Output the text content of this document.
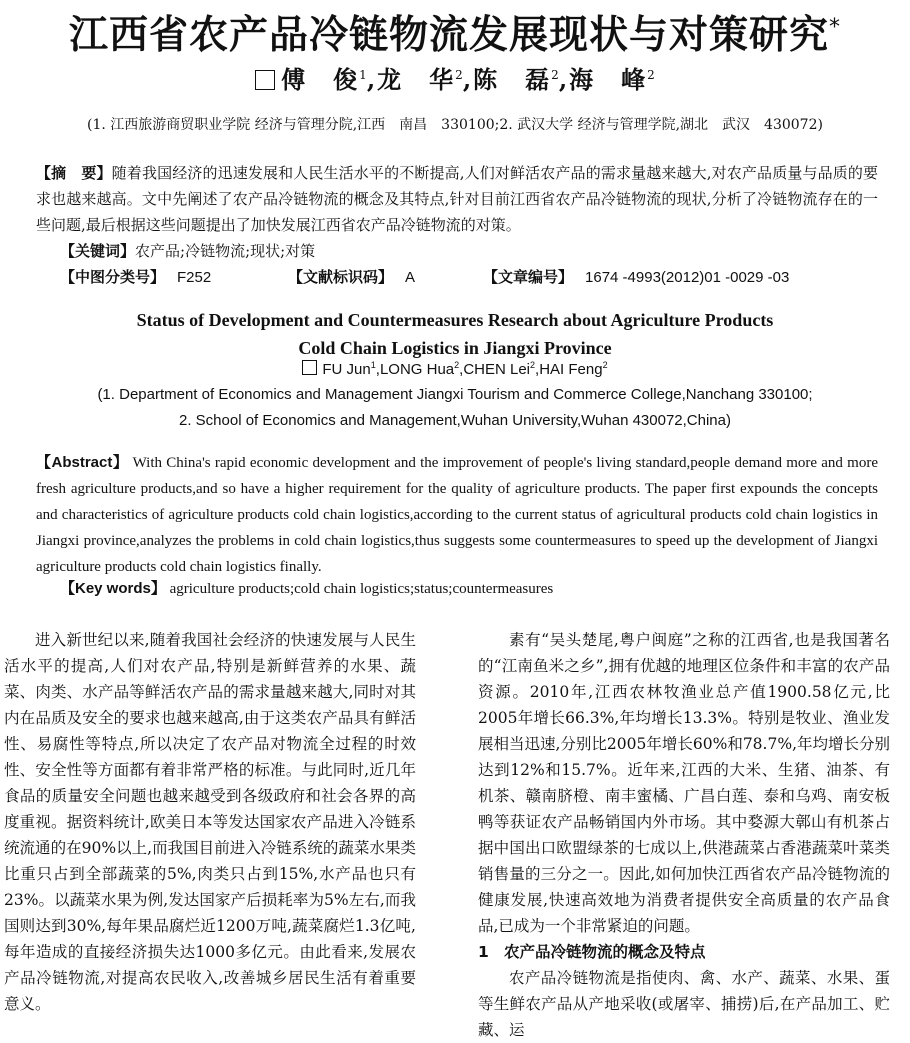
江西省农产品冷链物流发展现状与对策研究*
傅　俊$^1$,龙　华$^2$,陈　磊$^2$,海　峰$^2$
(1. 江西旅游商贸职业学院 经济与管理分院,江西　南昌　330100;2. 武汉大学 经济与管理学院,湖北　武汉　430072)
【摘　要】随着我国经济的迅速发展和人民生活水平的不断提高,人们对鲜活农产品的需求量越来越大,对农产品质量与品质的要求也越来越高。文中先阐述了农产品冷链物流的概念及其特点,针对目前江西省农产品冷链物流的现状,分析了冷链物流存在的一些问题,最后根据这些问题提出了加快发展江西省农产品冷链物流的对策。
【关键词】农产品;冷链物流;现状;对策
【中图分类号】 F252	【文献标识码】 A	【文章编号】 1674 -4993(2012)01 -0029 -03
Status of Development and Countermeasures Research about Agriculture Products
Cold Chain Logistics in Jiangxi Province
FU Jun$^1$,LONG Hua$^2$,CHEN Lei$^2$,HAI Feng$^2$
(1. Department of Economics and Management Jiangxi Tourism and Commerce College,Nanchang 330100;
2. School of Economics and Management,Wuhan University,Wuhan 430072,China)
【Abstract】 With China's rapid economic development and the improvement of people's living standard,people demand more and more fresh agriculture products,and so have a higher requirement for the quality of agriculture products. The paper first expounds the concepts and characteristics of agriculture products cold chain logistics,according to the current status of agricultural products cold chain logistics in Jiangxi province,analyzes the problems in cold chain logistics,thus suggests some countermeasures to speed up the development of Jiangxi agriculture products cold chain logistics finally.
【Key words】 agriculture products;cold chain logistics;status;countermeasures

进入新世纪以来,随着我国社会经济的快速发展与人民生活水平的提高,人们对农产品,特别是新鲜营养的水果、蔬菜、肉类、水产品等鲜活农产品的需求量越来越大,同时对其内在品质及安全的要求也越来越高,由于这类农产品具有鲜活性、易腐性等特点,所以决定了农产品对物流全过程的时效性、安全性等方面都有着非常严格的标准。与此同时,近几年食品的质量安全问题也越来越受到各级政府和社会各界的高度重视。据资料统计,欧美日本等发达国家农产品进入冷链系统流通的在90%以上,而我国目前进入冷链系统的蔬菜水果类比重只占到全部蔬菜的5%,肉类只占到15%,水产品也只有23%。以蔬菜水果为例,发达国家产后损耗率为5%左右,而我国则达到30%,每年果品腐烂近1200万吨,蔬菜腐烂1.3亿吨,每年造成的直接经济损失达1000多亿元。由此看来,发展农产品冷链物流,对提高农民收入,改善城乡居民生活有着重要意义。

素有“吴头楚尾,粤户闽庭”之称的江西省,也是我国著名的“江南鱼米之乡”,拥有优越的地理区位条件和丰富的农产品资源。2010年,江西农林牧渔业总产值1900.58亿元,比2005年增长66.3%,年均增长13.3%。特别是牧业、渔业发展相当迅速,分别比2005年增长60%和78.7%,年均增长分别达到12%和15.7%。近年来,江西的大米、生猪、油茶、有机茶、赣南脐橙、南丰蜜橘、广昌白莲、泰和乌鸡、南安板鸭等获证农产品畅销国内外市场。其中婺源大鄣山有机茶占据中国出口欧盟绿茶的七成以上,供港蔬菜占香港蔬菜叶菜类销售量的三分之一。因此,如何加快江西省农产品冷链物流的健康发展,快速高效地为消费者提供安全高质量的农产品食品,已成为一个非常紧迫的问题。

1 农产品冷链物流的概念及特点

农产品冷链物流是指使肉、禽、水产、蔬菜、水果、蛋等生鲜农产品从产地采收(或屠宰、捕捞)后,在产品加工、贮藏、运
